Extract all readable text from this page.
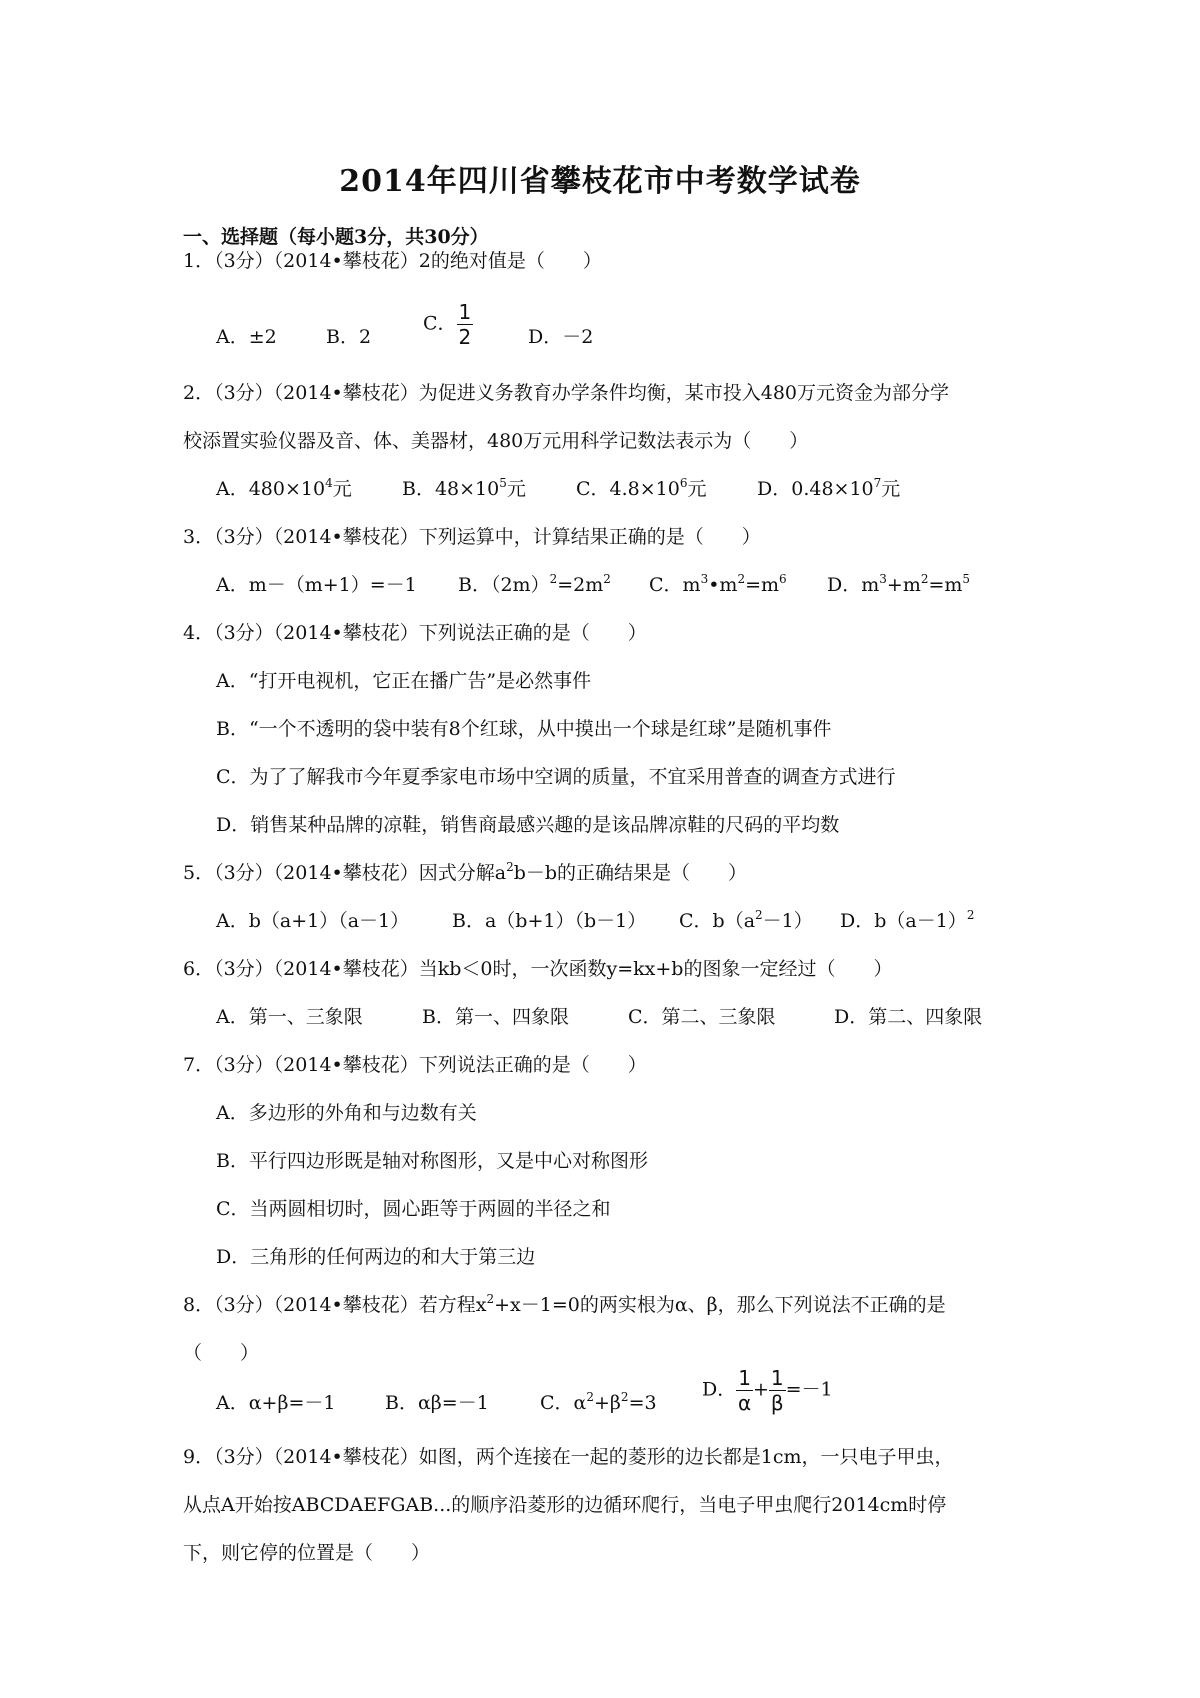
2014年四川省攀枝花市中考数学试卷
一、选择题（每小题3分，共30分）
1．（3分）（2014•攀枝花）2的绝对值是（　　）
A．±2	B．2
C． $\frac{1}{2}$	D．－2
2．（3分）（2014•攀枝花）为促进义务教育办学条件均衡，某市投入480万元资金为部分学
校添置实验仪器及音、体、美器材，480万元用科学记数法表示为（　　）
A．$480\times 10^4$元	B．$48\times 10^5$元	C．$4.8\times 10^6$元	D．$0.48\times 10^7$元
3．（3分）（2014•攀枝花）下列运算中，计算结果正确的是（　　）
A．m－（m+1）=－1 B．$(2m)^2=2m^2$ C．$m^3•m^2=m^6$ D．$m^3+m^2=m^5$
4．（3分）（2014•攀枝花）下列说法正确的是（　　）
A．“打开电视机，它正在播广告”是必然事件
B．“一个不透明的袋中装有8个红球，从中摸出一个球是红球”是随机事件
C．为了了解我市今年夏季家电市场中空调的质量，不宜采用普查的调查方式进行
D．销售某种品牌的凉鞋，销售商最感兴趣的是该品牌凉鞋的尺码的平均数
5．（3分）（2014•攀枝花）因式分解$a^2b-b$的正确结果是（　　）
A．b（a+1）（a－1） B．a（b+1）（b－1） C．$b(a^2-1)$ D．$b(a-1)^2$
6．（3分）（2014•攀枝花）当kb＜0时，一次函数y=kx+b的图象一定经过（　　）
A．第一、三象限	B．第一、四象限	C．第二、三象限	D．第二、四象限
7．（3分）（2014•攀枝花）下列说法正确的是（　　）
A．多边形的外角和与边数有关
B．平行四边形既是轴对称图形，又是中心对称图形
C．当两圆相切时，圆心距等于两圆的半径之和
D．三角形的任何两边的和大于第三边
8．（3分）（2014•攀枝花）若方程$x^2+x-1=0$的两实根为α、β，那么下列说法不正确的是
（　　）
A．α+β=－1	B．αβ=－1	C．$\alpha^2+\beta^2=3$
D． $\frac{1}{\alpha} + \frac{1}{\beta} =-1$
9．（3分）（2014•攀枝花）如图，两个连接在一起的菱形的边长都是1cm，一只电子甲虫，
从点A开始按ABCDAEFGAB...的顺序沿菱形的边循环爬行，当电子甲虫爬行2014cm时停
下，则它停的位置是（　　）
